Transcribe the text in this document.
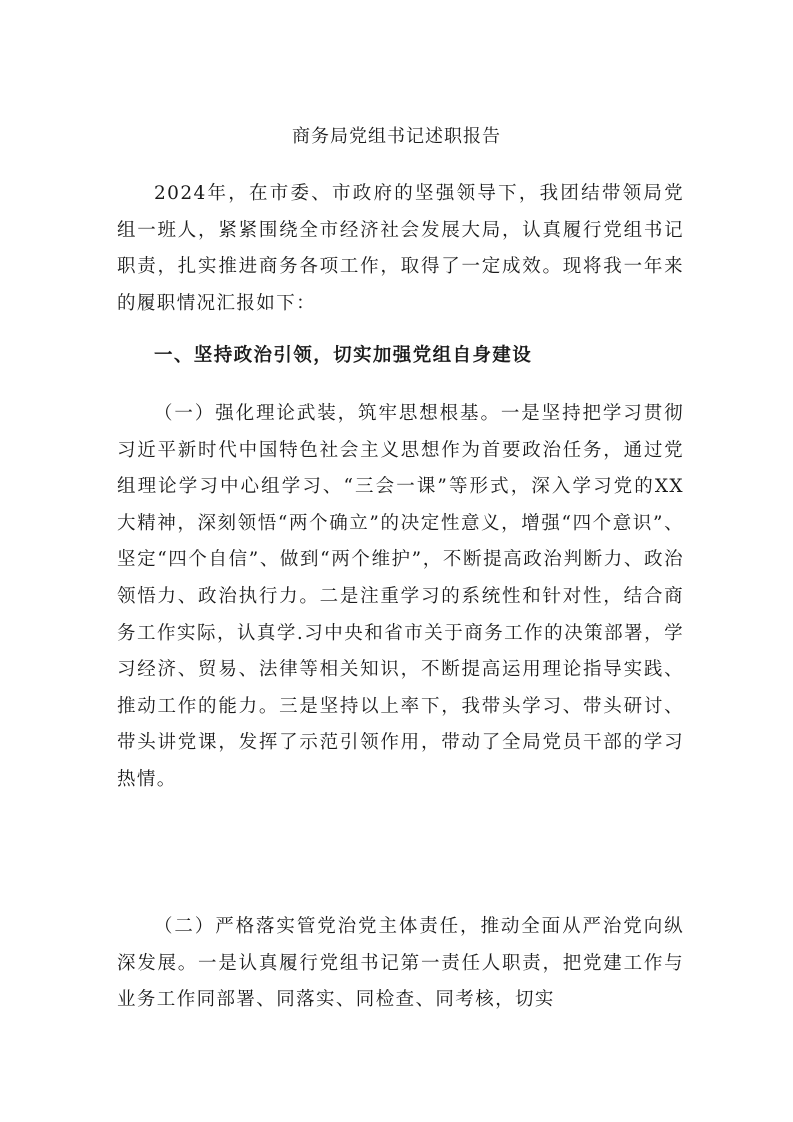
商务局党组书记述职报告

2024年，在市委、市政府的坚强领导下，我团结带领局党组一班人，紧紧围绕全市经济社会发展大局，认真履行党组书记职责，扎实推进商务各项工作，取得了一定成效。现将我一年来的履职情况汇报如下：

一、坚持政治引领，切实加强党组自身建设

（一）强化理论武装，筑牢思想根基。一是坚持把学习贯彻习近平新时代中国特色社会主义思想作为首要政治任务，通过党组理论学习中心组学习、“三会一课”等形式，深入学习党的XX大精神，深刻领悟“两个确立”的决定性意义，增强“四个意识”、坚定“四个自信”、做到“两个维护”，不断提高政治判断力、政治领悟力、政治执行力。二是注重学习的系统性和针对性，结合商务工作实际，认真学.习中央和省市关于商务工作的决策部署，学习经济、贸易、法律等相关知识，不断提高运用理论指导实践、推动工作的能力。三是坚持以上率下，我带头学习、带头研讨、带头讲党课，发挥了示范引领作用，带动了全局党员干部的学习热情。

（二）严格落实管党治党主体责任，推动全面从严治党向纵深发展。一是认真履行党组书记第一责任人职责，把党建工作与业务工作同部署、同落实、同检查、同考核，切实
